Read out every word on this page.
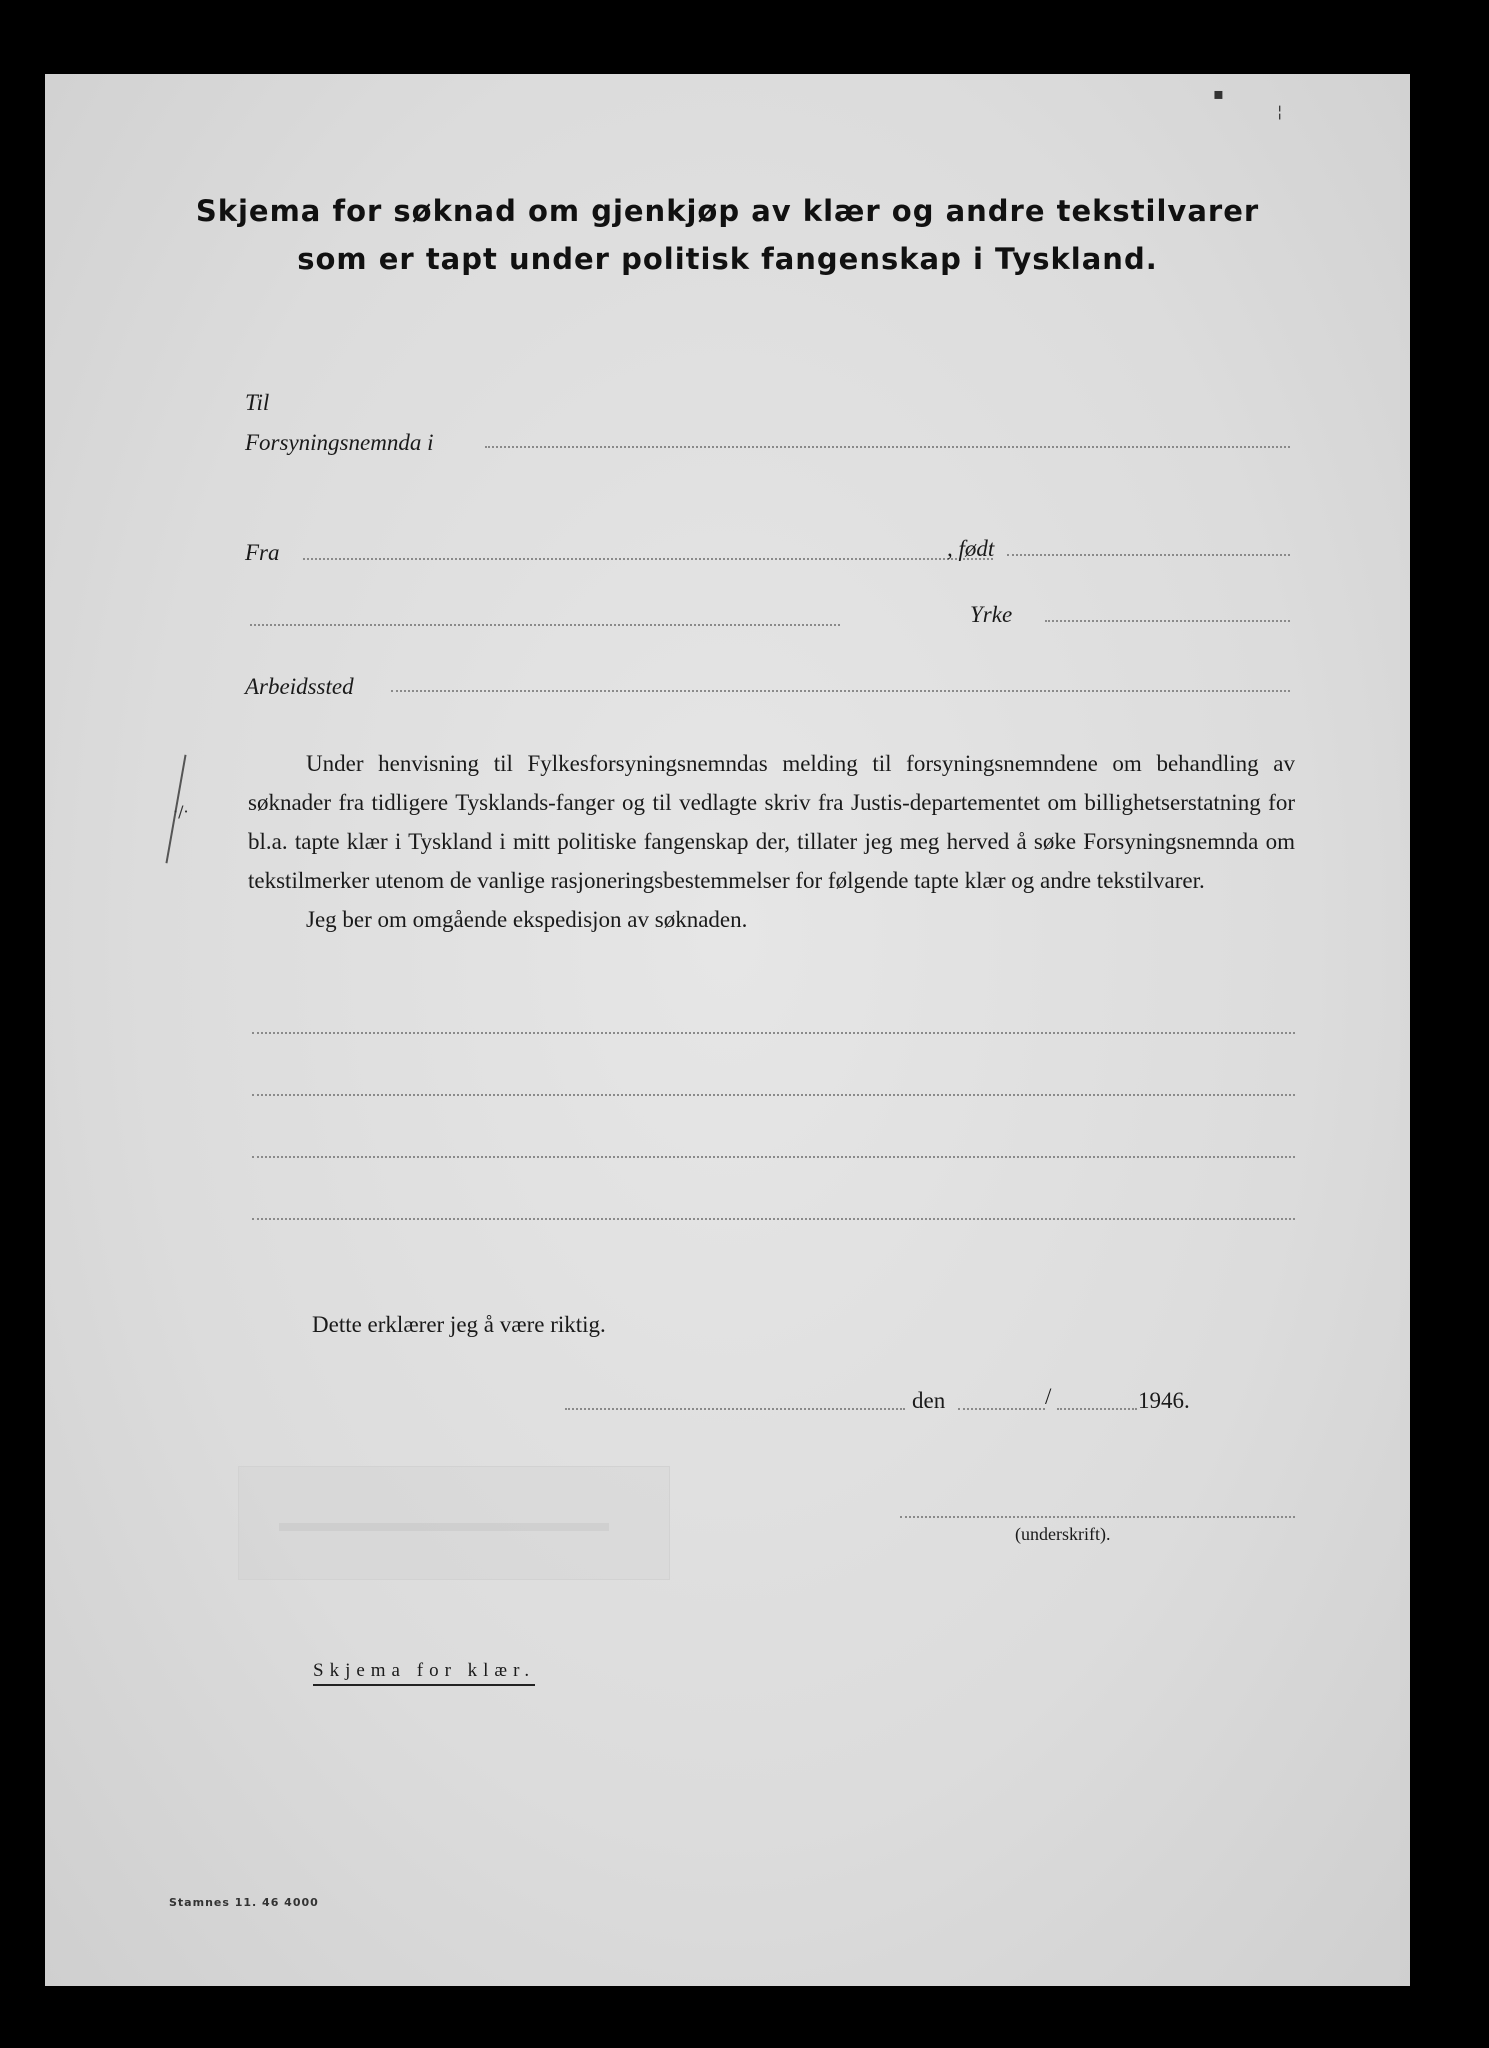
▪
¦
Skjema for søknad om gjenkjøp av klær og andre tekstilvarer
som er tapt under politisk fangenskap i Tyskland.
Til
Forsyningsnemnda i
Fra	, født
Yrke
Arbeidssted
·/·

Under henvisning til Fylkesforsyningsnemndas melding til forsyningsnemndene om behandling av søknader fra tidligere Tysklands-fanger og til vedlagte skriv fra Justis-departementet om billighetserstatning for bl.a. tapte klær i Tyskland i mitt politiske fangenskap der, tillater jeg meg herved å søke Forsyningsnemnda om tekstilmerker utenom de vanlige rasjoneringsbestemmelser for følgende tapte klær og andre tekstilvarer.

Jeg ber om omgående ekspedisjon av søknaden.

Dette erklærer jeg å være riktig.
den	/	1946.
(underskrift).
Skjema for klær.
Stamnes 11. 46 4000
